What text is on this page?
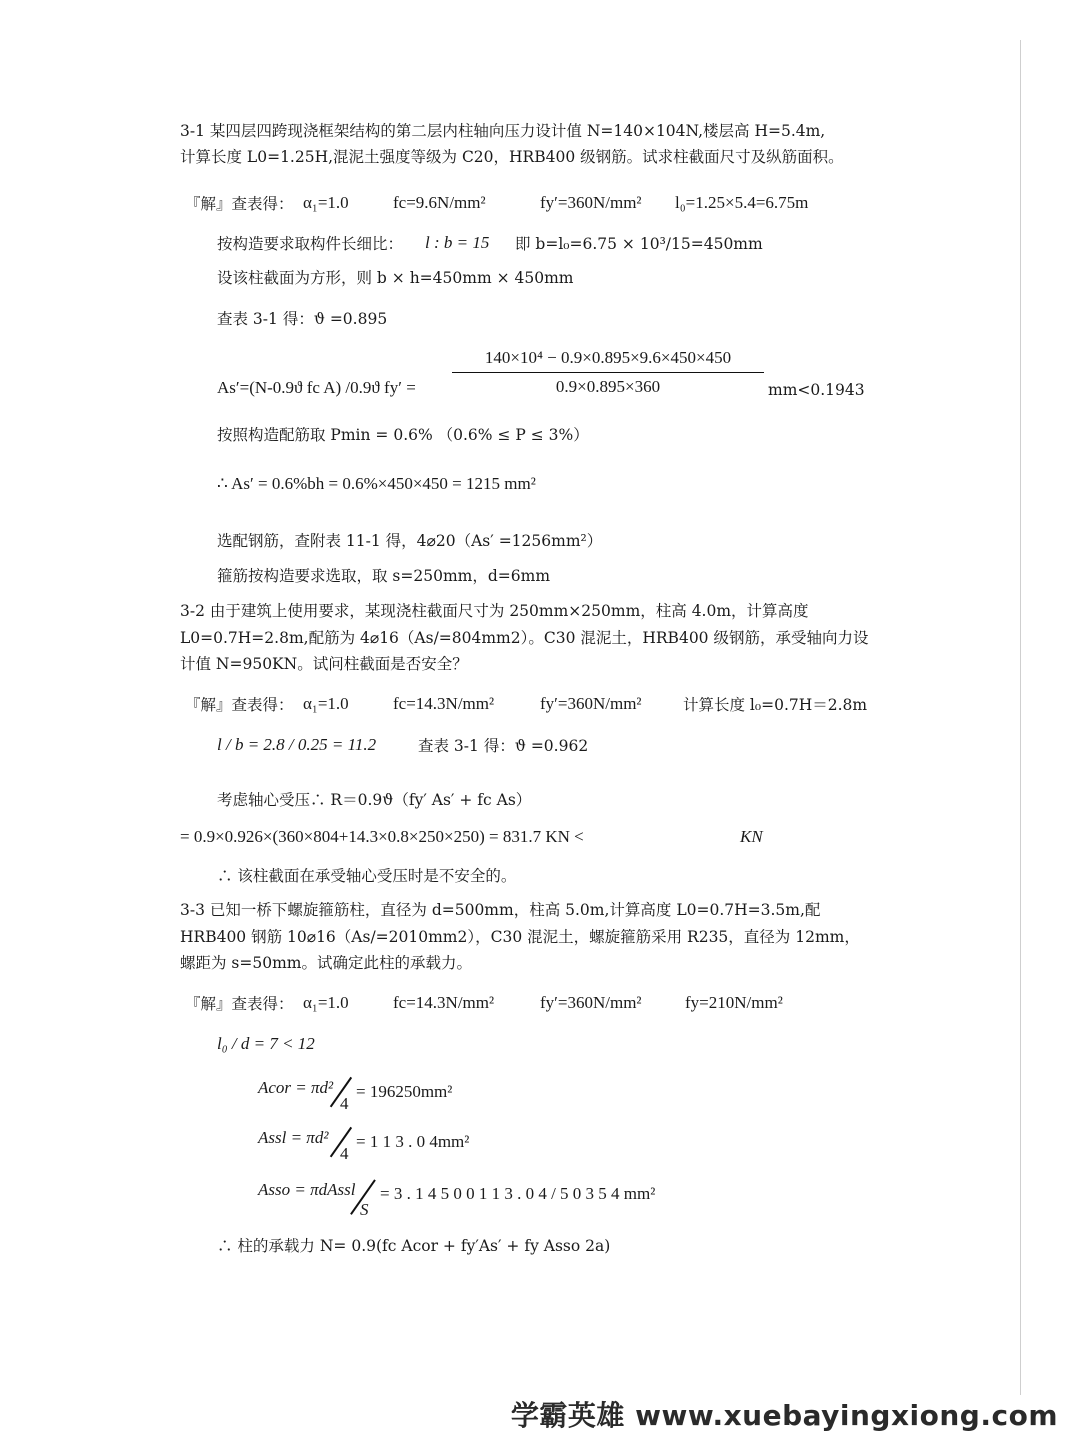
3-1 某四层四跨现浇框架结构的第二层内柱轴向压力设计值 N=140×104N,楼层高 H=5.4m,
计算长度 L0=1.25H,混泥土强度等级为 C20，HRB400 级钢筋。试求柱截面尺寸及纵筋面积。
『解』查表得： α₁=1.0	fc=9.6N/mm²	fy′=360N/mm² l₀=1.25×5.4=6.75m
按构造要求取构件长细比： l : b = 15 即 b=l₀=6.75 × 10³/15=450mm
设该柱截面为方形，则 b × h=450mm × 450mm
查表 3-1 得：ϑ =0.895
As′=(N-0.9ϑ fc A) /0.9ϑ fy′ =
140×10⁴ − 0.9×0.895×9.6×450×450
0.9×0.895×360	mm<0.1943
按照构造配筋取 Pmin = 0.6% （0.6% ≤ P ≤ 3%）
∴ As′ = 0.6%bh = 0.6%×450×450 = 1215 mm²
选配钢筋，查附表 11-1 得，4⌀20（As′ =1256mm²）
箍筋按构造要求选取，取 s=250mm，d=6mm
3-2 由于建筑上使用要求，某现浇柱截面尺寸为 250mm×250mm，柱高 4.0m，计算高度
L0=0.7H=2.8m,配筋为 4⌀16（As/=804mm2）。C30 混泥土，HRB400 级钢筋，承受轴向力设
计值 N=950KN。试问柱截面是否安全？
『解』查表得： α₁=1.0	fc=14.3N/mm²	fy′=360N/mm²	计算长度 l₀=0.7H＝2.8m
l / b = 2.8 / 0.25 = 11.2	查表 3-1 得：ϑ =0.962
考虑轴心受压∴ R＝0.9ϑ（fy′ As′ + fc As）
= 0.9×0.926×(360×804+14.3×0.8×250×250) = 831.7 KN <	KN
∴ 该柱截面在承受轴心受压时是不安全的。
3-3 已知一桥下螺旋箍筋柱，直径为 d=500mm，柱高 5.0m,计算高度 L0=0.7H=3.5m,配
HRB400 钢筋 10⌀16（As/=2010mm2），C30 混泥土，螺旋箍筋采用 R235，直径为 12mm，
螺距为 s=50mm。试确定此柱的承载力。
『解』查表得： α₁=1.0	fc=14.3N/mm²	fy′=360N/mm²	fy=210N/mm²
l₀ / d = 7 < 12
Acor = πd²
4
= 196250mm²
Assl = πd²
4
= 1 1 3 . 0 4mm²
Asso = πdAssl
S
= 3 . 1 4 5 0 0 1 1 3 . 0 4 / 5 0 3 5 4 mm²
∴ 柱的承载力 N= 0.9(fc Acor + fy′As′ + fy Asso 2a)
学霸英雄 www.xuebayingxiong.com
